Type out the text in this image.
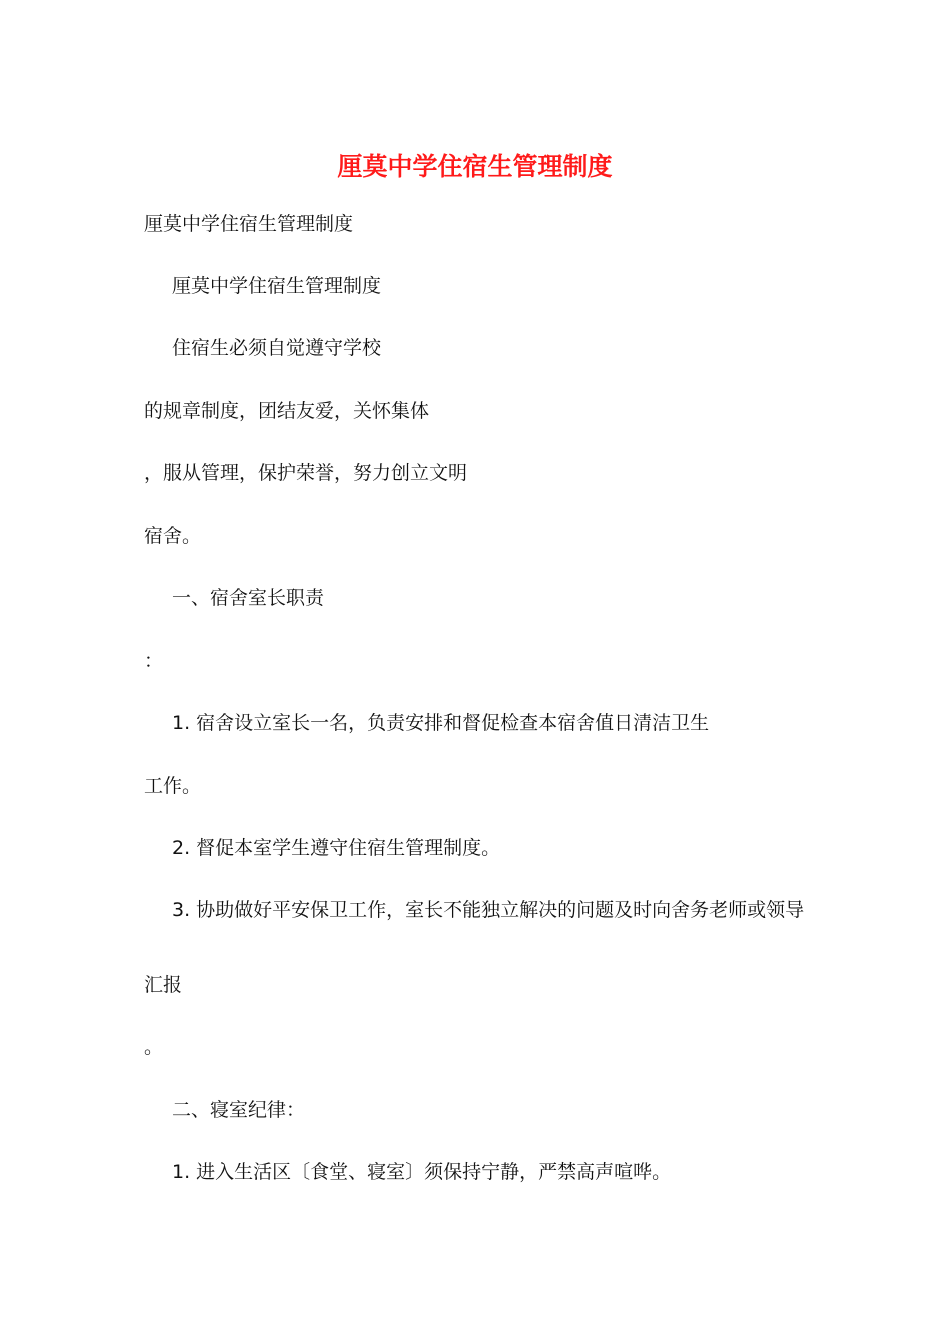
厘莫中学住宿生管理制度

厘莫中学住宿生管理制度

厘莫中学住宿生管理制度

住宿生必须自觉遵守学校

的规章制度，团结友爱，关怀集体

，服从管理，保护荣誉，努力创立文明

宿舍。

一、宿舍室长职责

：

1. 宿舍设立室长一名，负责安排和督促检查本宿舍值日清洁卫生

工作。

2. 督促本室学生遵守住宿生管理制度。

3. 协助做好平安保卫工作，室长不能独立解决的问题及时向舍务老师或领导

汇报

。

二、寝室纪律：

1. 进入生活区〔食堂、寝室〕须保持宁静，严禁高声喧哗。
